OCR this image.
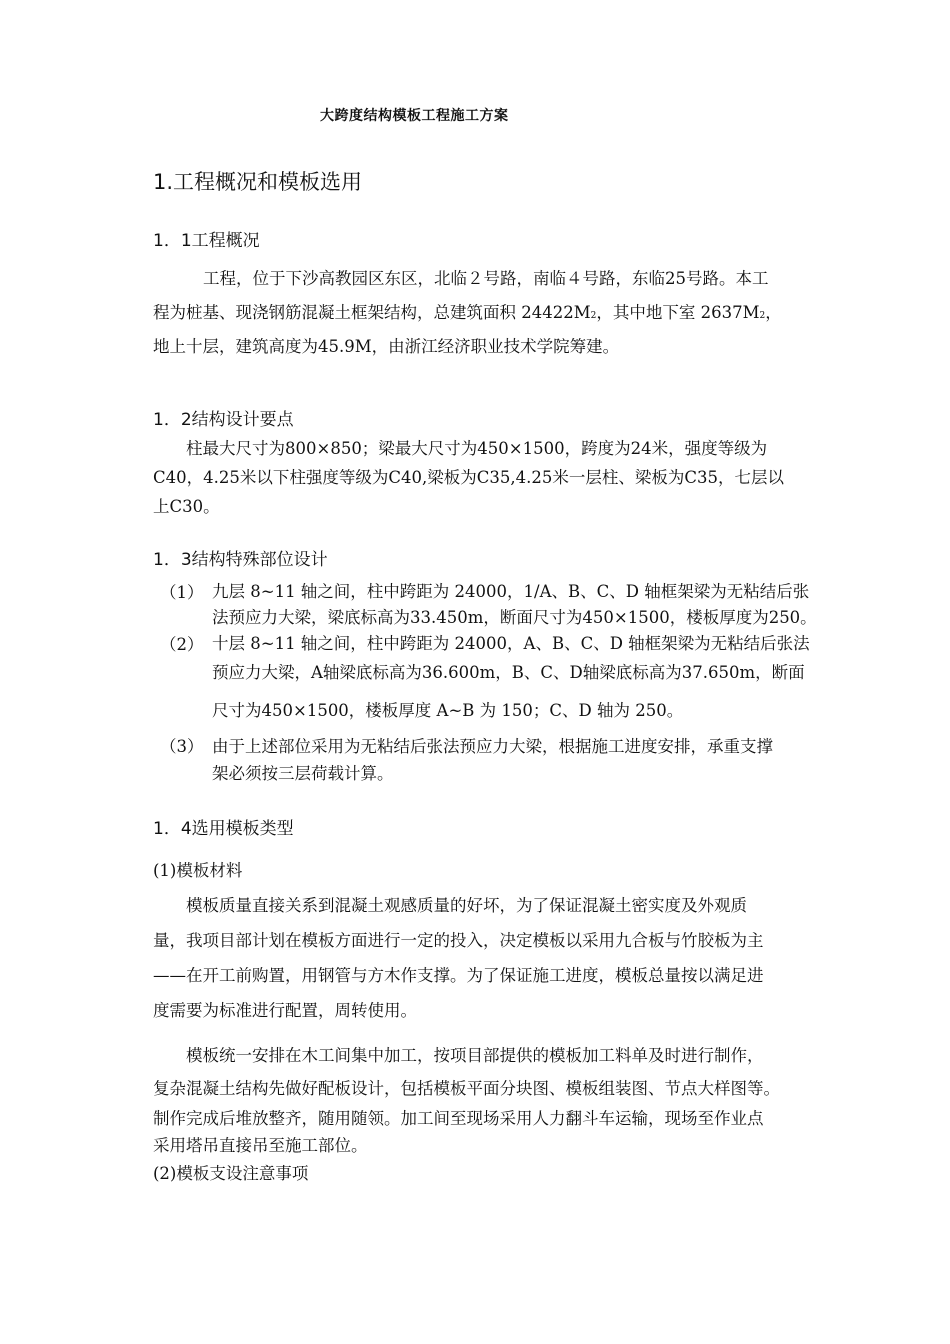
大跨度结构模板工程施工方案
1.工程概况和模板选用
1．1工程概况

工程，位于下沙高教园区东区，北临２号路，南临４号路，东临25号路。本工

程为桩基、现浇钢筋混凝土框架结构，总建筑面积 $24422M^2$，其中地下室 $2637M^2$，

地上十层，建筑高度为45.9M，由浙江经济职业技术学院筹建。

1．2结构设计要点

柱最大尺寸为800×850；梁最大尺寸为450×1500，跨度为24米，强度等级为

C40，4.25米以下柱强度等级为C40,梁板为C35,4.25米一层柱、梁板为C35，七层以

上C30。

1．3结构特殊部位设计
（1） 九层 8~11 轴之间，柱中跨距为 24000，1/A、B、C、D 轴框架梁为无粘结后张

法预应力大梁，梁底标高为33.450m，断面尺寸为450×1500，楼板厚度为250。

（2） 十层 8~11 轴之间，柱中跨距为 24000，A、B、C、D 轴框架梁为无粘结后张法

预应力大梁，A轴梁底标高为36.600m，B、C、D轴梁底标高为37.650m，断面

尺寸为450×1500，楼板厚度 A~B 为 150；C、D 轴为 250。

（3） 由于上述部位采用为无粘结后张法预应力大梁，根据施工进度安排，承重支撑

架必须按三层荷载计算。

1．4选用模板类型
(1)模板材料

模板质量直接关系到混凝土观感质量的好坏，为了保证混凝土密实度及外观质

量，我项目部计划在模板方面进行一定的投入，决定模板以采用九合板与竹胶板为主

——在开工前购置，用钢管与方木作支撑。为了保证施工进度，模板总量按以满足进

度需要为标准进行配置，周转使用。

模板统一安排在木工间集中加工，按项目部提供的模板加工料单及时进行制作，

复杂混凝土结构先做好配板设计，包括模板平面分块图、模板组装图、节点大样图等。

制作完成后堆放整齐，随用随领。加工间至现场采用人力翻斗车运输，现场至作业点

采用塔吊直接吊至施工部位。

(2)模板支设注意事项
